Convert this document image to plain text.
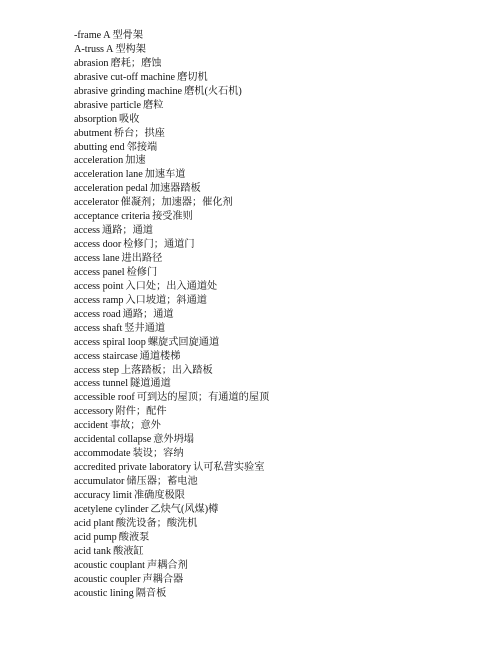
-frame A 型骨架
A-truss A 型构架
abrasion 磨耗；磨蚀
abrasive cut-off machine 磨切机
abrasive grinding machine 磨机(火石机)
abrasive particle 磨粒
absorption 吸收
abutment 桥台；拱座
abutting end 邻接端
acceleration 加速
acceleration lane 加速车道
acceleration pedal 加速器踏板
accelerator 催凝剂；加速器；催化剂
acceptance criteria 接受准则
access 通路；通道
access door 检修门；通道门
access lane 进出路径
access panel 检修门
access point 入口处；出入通道处
access ramp 入口坡道；斜通道
access road 通路；通道
access shaft 竖井通道
access spiral loop 螺旋式回旋通道
access staircase 通道楼梯
access step 上落踏板；出入踏板
access tunnel 隧道通道
accessible roof 可到达的屋顶；有通道的屋顶
accessory 附件；配件
accident 事故；意外
accidental collapse 意外坍塌
accommodate 装设；容纳
accredited private laboratory 认可私营实验室
accumulator 储压器；蓄电池
accuracy limit 准确度极限
acetylene cylinder 乙炔气(风煤)樽
acid plant 酸洗设备；酸洗机
acid pump 酸液泵
acid tank 酸液缸
acoustic couplant 声耦合剂
acoustic coupler 声耦合器
acoustic lining 隔音板
